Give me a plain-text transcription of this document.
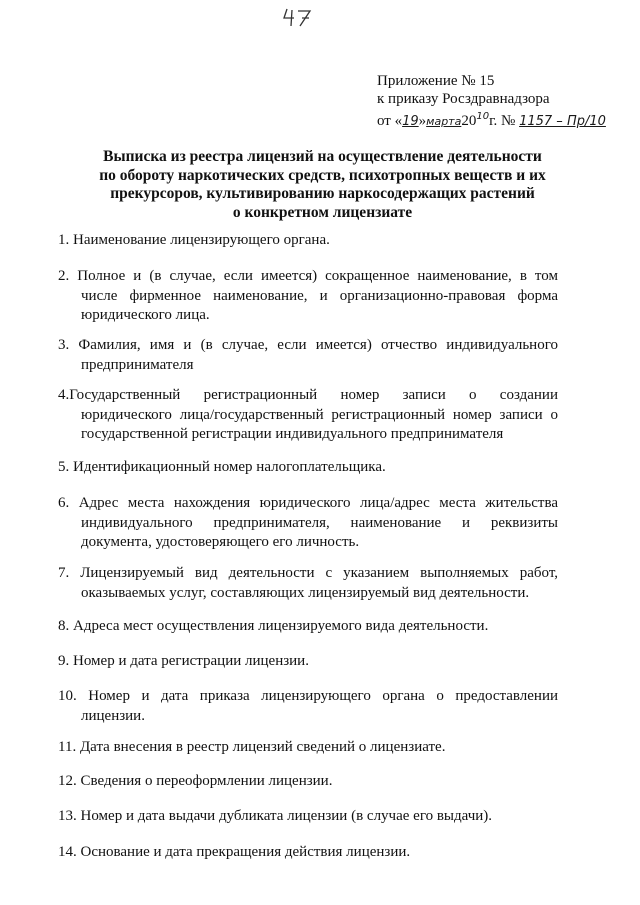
Приложение № 15
к приказу Росздравнадзора
от «$19»марта20^{10}г$. № 1157 – Пр/10
Выписка из реестра лицензий на осуществление деятельности
по обороту наркотических средств, психотропных веществ и их
прекурсоров, культивированию наркосодержащих растений
о конкретном лицензиате
1. Наименование лицензирующего органа.
2. Полное и (в случае, если имеется) сокращенное наименование, в том
числе фирменное наименование, и организационно-правовая форма
юридического лица.
3. Фамилия, имя и (в случае, если имеется) отчество индивидуального
предпринимателя
4.Государственный регистрационный номер записи о создании
юридического лица/государственный регистрационный номер записи о
государственной регистрации индивидуального предпринимателя
5. Идентификационный номер налогоплательщика.
6. Адрес места нахождения юридического лица/адрес места жительства
индивидуального предпринимателя, наименование и реквизиты
документа, удостоверяющего его личность.
7. Лицензируемый вид деятельности с указанием выполняемых работ,
оказываемых услуг, составляющих лицензируемый вид деятельности.
8. Адреса мест осуществления лицензируемого вида деятельности.
9. Номер и дата регистрации лицензии.
10. Номер и дата приказа лицензирующего органа о предоставлении
лицензии.
11. Дата внесения в реестр лицензий сведений о лицензиате.
12. Сведения о переоформлении лицензии.
13. Номер и дата выдачи дубликата лицензии (в случае его выдачи).
14. Основание и дата прекращения действия лицензии.
